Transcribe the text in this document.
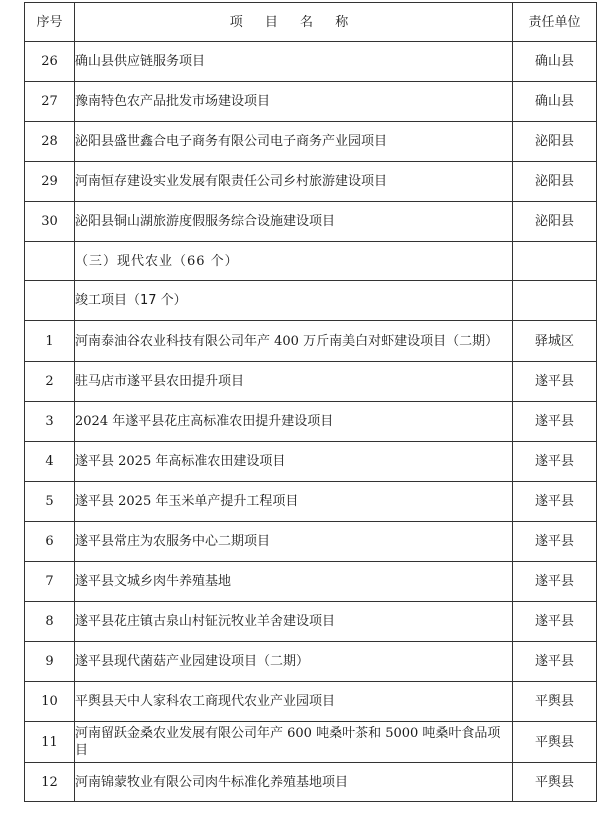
序号	项 目 名 称	责任单位
26	确山县供应链服务项目	确山县
27	豫南特色农产品批发市场建设项目	确山县
28	泌阳县盛世鑫合电子商务有限公司电子商务产业园项目	泌阳县
29	河南恒存建设实业发展有限责任公司乡村旅游建设项目	泌阳县
30	泌阳县铜山湖旅游度假服务综合设施建设项目	泌阳县
	（三）现代农业（66 个）	
	竣工项目（17 个）	
1	河南泰油谷农业科技有限公司年产 400 万斤南美白对虾建设项目（二期）	驿城区
2	驻马店市遂平县农田提升项目	遂平县
3	2024 年遂平县花庄高标准农田提升建设项目	遂平县
4	遂平县 2025 年高标准农田建设项目	遂平县
5	遂平县 2025 年玉米单产提升工程项目	遂平县
6	遂平县常庄为农服务中心二期项目	遂平县
7	遂平县文城乡肉牛养殖基地	遂平县
8	遂平县花庄镇古泉山村钲沅牧业羊舍建设项目	遂平县
9	遂平县现代菌菇产业园建设项目（二期）	遂平县
10	平舆县天中人家科农工商现代农业产业园项目	平舆县
11	河南留跃金桑农业发展有限公司年产 600 吨桑叶茶和 5000 吨桑叶食品项目	平舆县
12	河南锦蒙牧业有限公司肉牛标准化养殖基地项目	平舆县
